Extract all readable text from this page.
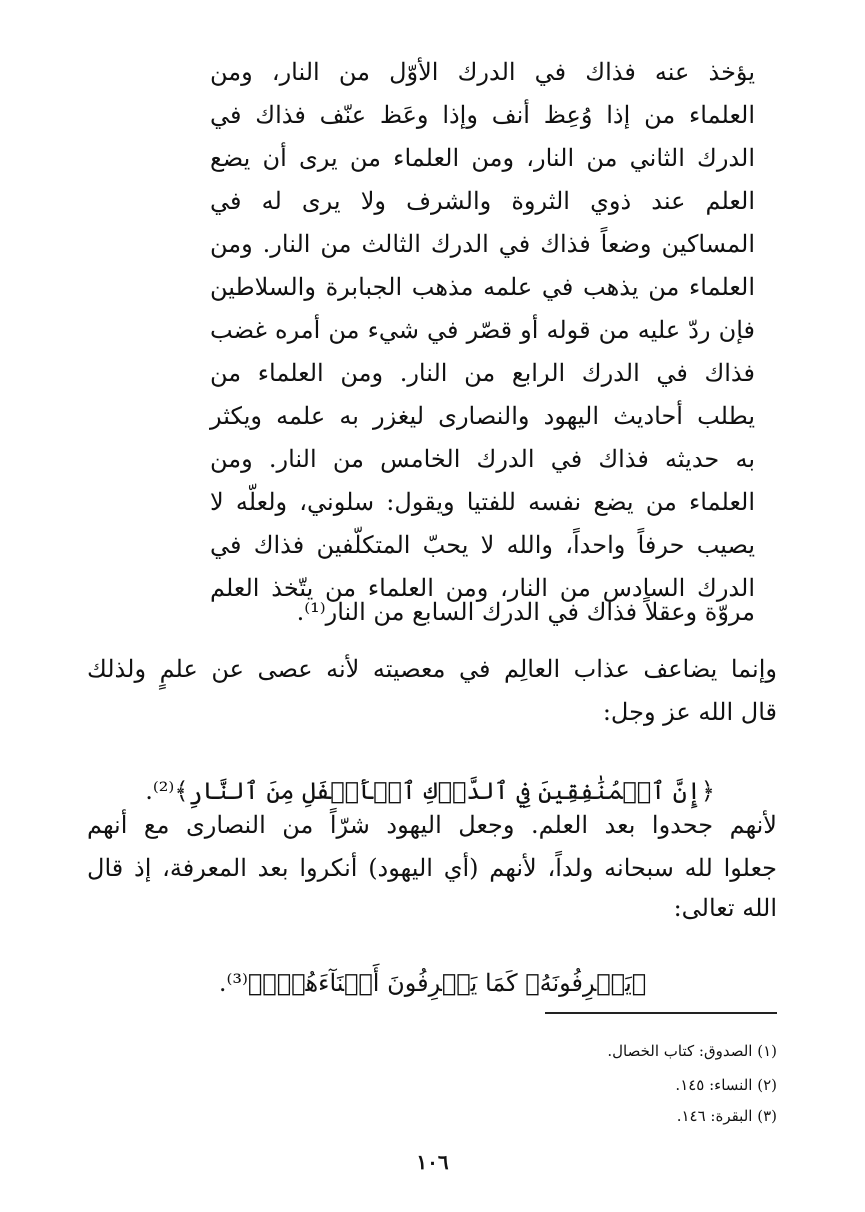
يؤخذ عنه فذاك في الدرك الأوّل من النار، ومن

العلماء من إذا وُعِظ أنف وإذا وعَظ عنّف فذاك في

الدرك الثاني من النار، ومن العلماء من يرى أن يضع

العلم عند ذوي الثروة والشرف ولا يرى له في

المساكين وضعاً فذاك في الدرك الثالث من النار. ومن

العلماء من يذهب في علمه مذهب الجبابرة والسلاطين

فإن ردّ عليه من قوله أو قصّر في شيء من أمره غضب

فذاك في الدرك الرابع من النار. ومن العلماء من

يطلب أحاديث اليهود والنصارى ليغزر به علمه ويكثر

به حديثه فذاك في الدرك الخامس من النار. ومن

العلماء من يضع نفسه للفتيا ويقول: سلوني، ولعلّه لا

يصيب حرفاً واحداً، والله لا يحبّ المتكلّفين فذاك في

الدرك السادس من النار، ومن العلماء من يتّخذ العلم

مروّة وعقلاً فذاك في الدرك السابع من النار⁽¹⁾.

وإنما يضاعف عذاب العالِم في معصيته لأنه عصى عن علمٍ ولذلك

قال الله عز وجل:

﴿إِنَّ ٱلۡمُنَٰفِقِينَ فِي ٱلدَّرۡكِ ٱلۡأَسۡفَلِ مِنَ ٱلنَّارِ﴾⁽²⁾.

لأنهم جحدوا بعد العلم. وجعل اليهود شرّاً من النصارى مع أنهم

جعلوا لله سبحانه ولداً، لأنهم (أي اليهود) أنكروا بعد المعرفة، إذ قال

الله تعالى:

﴿يَعۡرِفُونَهُۥ كَمَا يَعۡرِفُونَ أَبۡنَآءَهُمۡۖ﴾⁽³⁾.

(١) الصدوق: كتاب الخصال.

(٢) النساء: ١٤٥.

(٣) البقرة: ١٤٦.

١٠٦
